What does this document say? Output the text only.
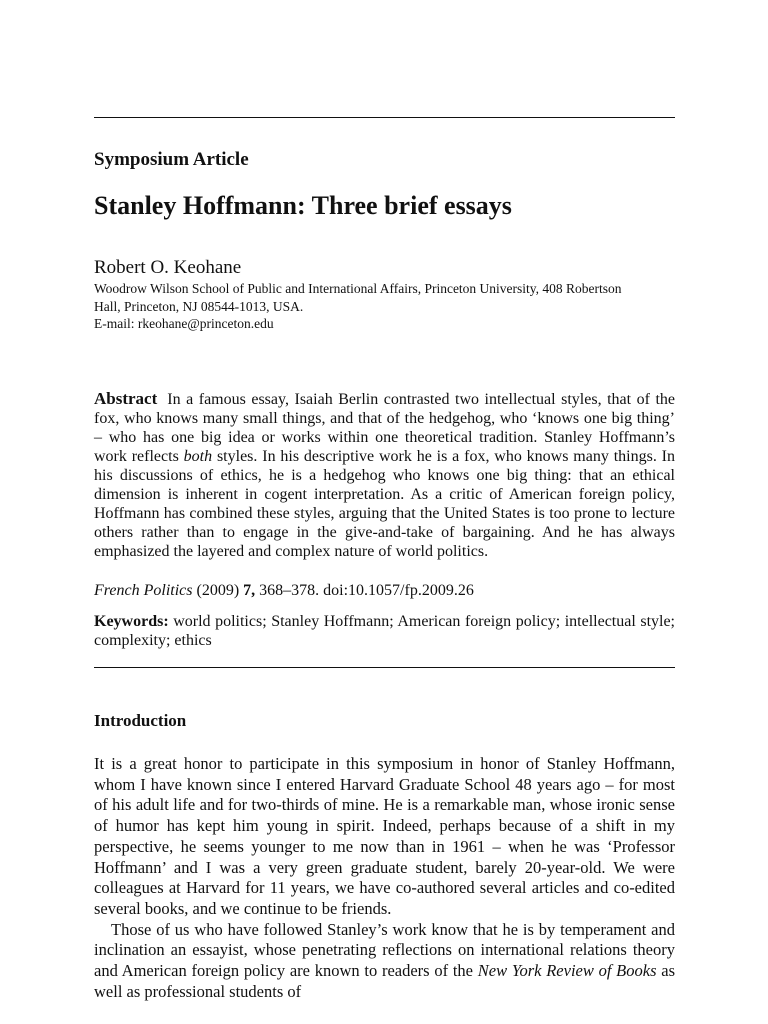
Symposium Article
Stanley Hoffmann: Three brief essays
Robert O. Keohane
Woodrow Wilson School of Public and International Affairs, Princeton University, 408 Robertson
Hall, Princeton, NJ 08544-1013, USA.
E-mail: rkeohane@princeton.edu
Abstract In a famous essay, Isaiah Berlin contrasted two intellectual styles, that of the fox, who knows many small things, and that of the hedgehog, who ‘knows one big thing’ – who has one big idea or works within one theoretical tradition. Stanley Hoffmann’s work reflects both styles. In his descriptive work he is a fox, who knows many things. In his discussions of ethics, he is a hedgehog who knows one big thing: that an ethical dimension is inherent in cogent interpretation. As a critic of American foreign policy, Hoffmann has combined these styles, arguing that the United States is too prone to lecture others rather than to engage in the give-and-take of bargaining. And he has always emphasized the layered and complex nature of world politics.
French Politics (2009) 7, 368–378. doi:10.1057/fp.2009.26
Keywords: world politics; Stanley Hoffmann; American foreign policy; intellectual style; complexity; ethics
Introduction

It is a great honor to participate in this symposium in honor of Stanley Hoffmann, whom I have known since I entered Harvard Graduate School 48 years ago – for most of his adult life and for two-thirds of mine. He is a remarkable man, whose ironic sense of humor has kept him young in spirit. Indeed, perhaps because of a shift in my perspective, he seems younger to me now than in 1961 – when he was ‘Professor Hoffmann’ and I was a very green graduate student, barely 20-year-old. We were colleagues at Harvard for 11 years, we have co-authored several articles and co-edited several books, and we continue to be friends.

Those of us who have followed Stanley’s work know that he is by temperament and inclination an essayist, whose penetrating reflections on international relations theory and American foreign policy are known to readers of the New York Review of Books as well as professional students of
